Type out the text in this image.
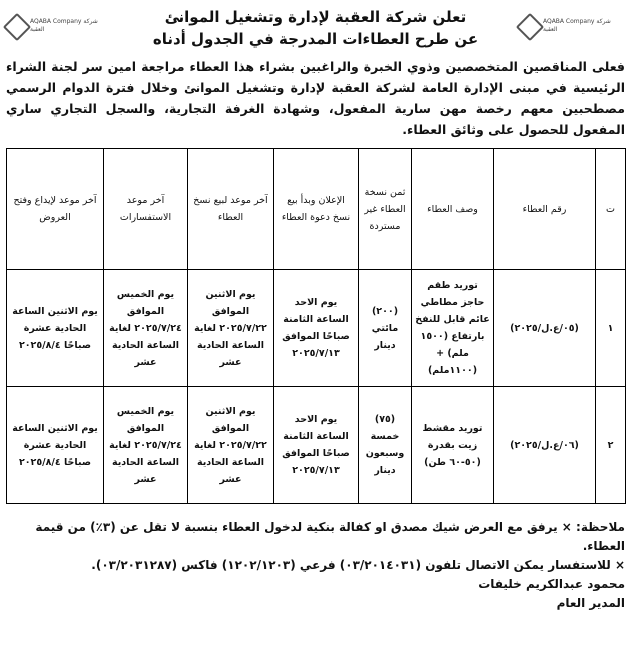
AQABA Company شركة العقبة
AQABA Company شركة العقبة
تعلن شركة العقبة لإدارة وتشغيل الموانئ
عن طرح العطاءات المدرجة في الجدول أدناه
فعلى المناقصين المتخصصين وذوي الخبرة والراغبين بشراء هذا العطاء مراجعة امين سر لجنة الشراء الرئيسية في مبنى الإدارة العامة لشركة العقبة لإدارة وتشغيل الموانئ وخلال فترة الدوام الرسمي مصطحبين معهم رخصة مهن سارية المفعول، وشهادة الغرفة التجارية، والسجل التجاري ساري المفعول للحصول على وثائق العطاء.
ت	رقم العطاء	وصف العطاء	ثمن نسخة العطاء غير مستردة	الإعلان وبدأ بيع نسخ دعوة العطاء	آخر موعد لبيع نسخ العطاء	آخر موعد الاستفسارات	آخر موعد لإيداع وفتح العروض
١	(٠٥/ع.ل/٢٠٢٥)	توريد طقم حاجز مطاطي عائم قابل للنفخ بارتفاع (١٥٠٠ ملم) + (١١٠٠ملم)	(٢٠٠) مائتي دينار	يوم الاحد الساعة الثامنة صباحًا الموافق ٢٠٢٥/٧/١٣	يوم الاثنين الموافق ٢٠٢٥/٧/٢٢ لغاية الساعة الحادية عشر	يوم الخميس الموافق ٢٠٢٥/٧/٢٤ لغاية الساعة الحادية عشر	يوم الاثنين الساعة الحادية عشرة صباحًا ٢٠٢٥/٨/٤
٢	(٠٦/ع.ل/٢٠٢٥)	توريد مقشط زيت بقدرة (٥٠-٦٠ طن)	(٧٥) خمسة وسبعون دينار	يوم الاحد الساعة الثامنة صباحًا الموافق ٢٠٢٥/٧/١٣	يوم الاثنين الموافق ٢٠٢٥/٧/٢٢ لغاية الساعة الحادية عشر	يوم الخميس الموافق ٢٠٢٥/٧/٢٤ لغاية الساعة الحادية عشر	يوم الاثنين الساعة الحادية عشرة صباحًا ٢٠٢٥/٨/٤

ملاحظة: × يرفق مع العرض شيك مصدق او كفالة بنكية لدخول العطاء بنسبة لا تقل عن (٣٪) من قيمة العطاء.

× للاستفسار يمكن الاتصال تلفون (٠٣/٢٠١٤٠٣١) فرعي (١٢٠٢/١٢٠٣) فاكس (٠٣/٢٠٣١٢٨٧).

محمود عبدالكريم خليفات

المدير العام
